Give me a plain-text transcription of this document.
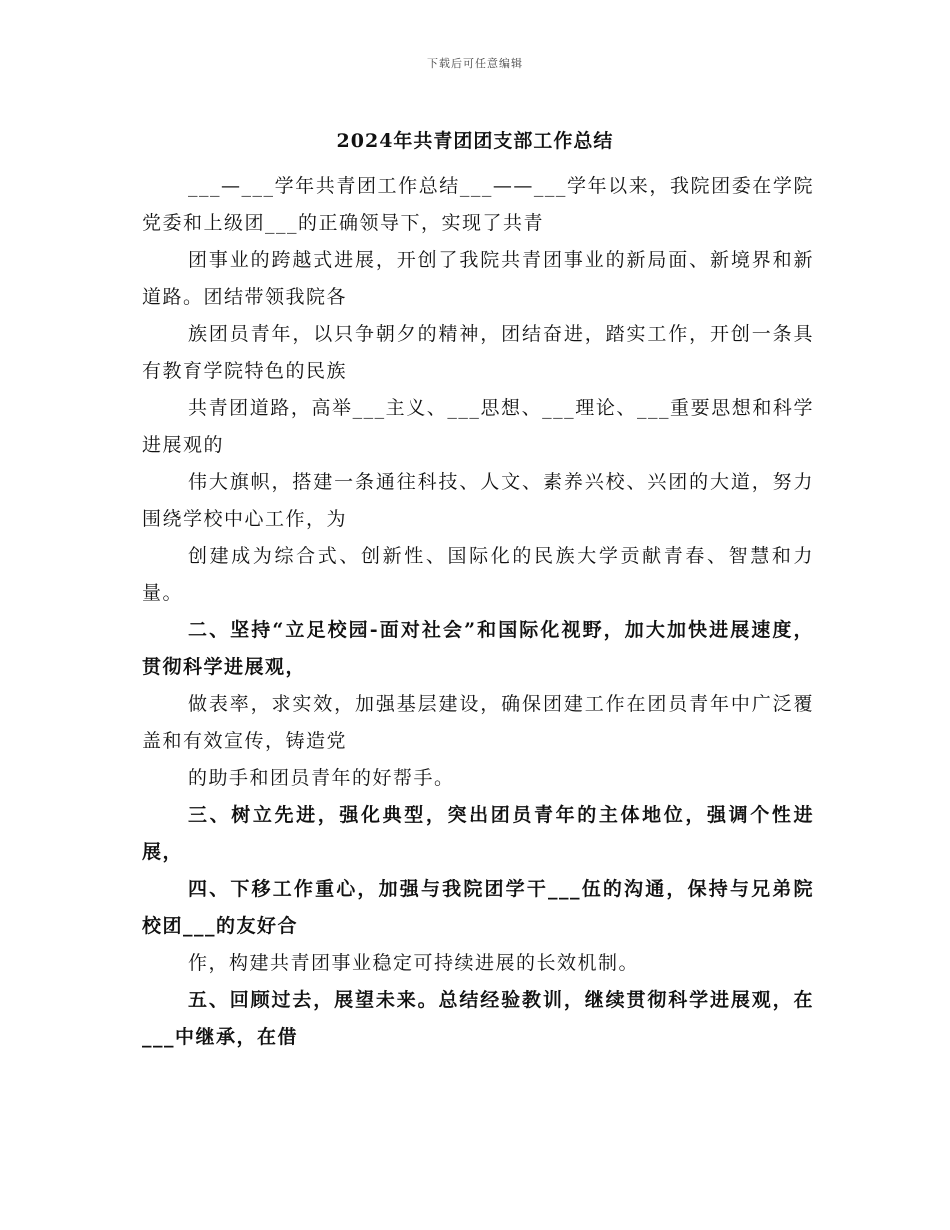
下载后可任意编辑
2024年共青团团支部工作总结

___—___学年共青团工作总结___——___学年以来，我院团委在学院党委和上级团___的正确领导下，实现了共青

团事业的跨越式进展，开创了我院共青团事业的新局面、新境界和新道路。团结带领我院各

族团员青年，以只争朝夕的精神，团结奋进，踏实工作，开创一条具有教育学院特色的民族

共青团道路，高举___主义、___思想、___理论、___重要思想和科学进展观的

伟大旗帜，搭建一条通往科技、人文、素养兴校、兴团的大道，努力围绕学校中心工作，为

创建成为综合式、创新性、国际化的民族大学贡献青春、智慧和力量。

二、坚持“立足校园-面对社会”和国际化视野，加大加快进展速度，贯彻科学进展观，

做表率，求实效，加强基层建设，确保团建工作在团员青年中广泛覆盖和有效宣传，铸造党

的助手和团员青年的好帮手。

三、树立先进，强化典型，突出团员青年的主体地位，强调个性进展，

四、下移工作重心，加强与我院团学干___伍的沟通，保持与兄弟院校团___的友好合

作，构建共青团事业稳定可持续进展的长效机制。

五、回顾过去，展望未来。总结经验教训，继续贯彻科学进展观，在___中继承，在借
